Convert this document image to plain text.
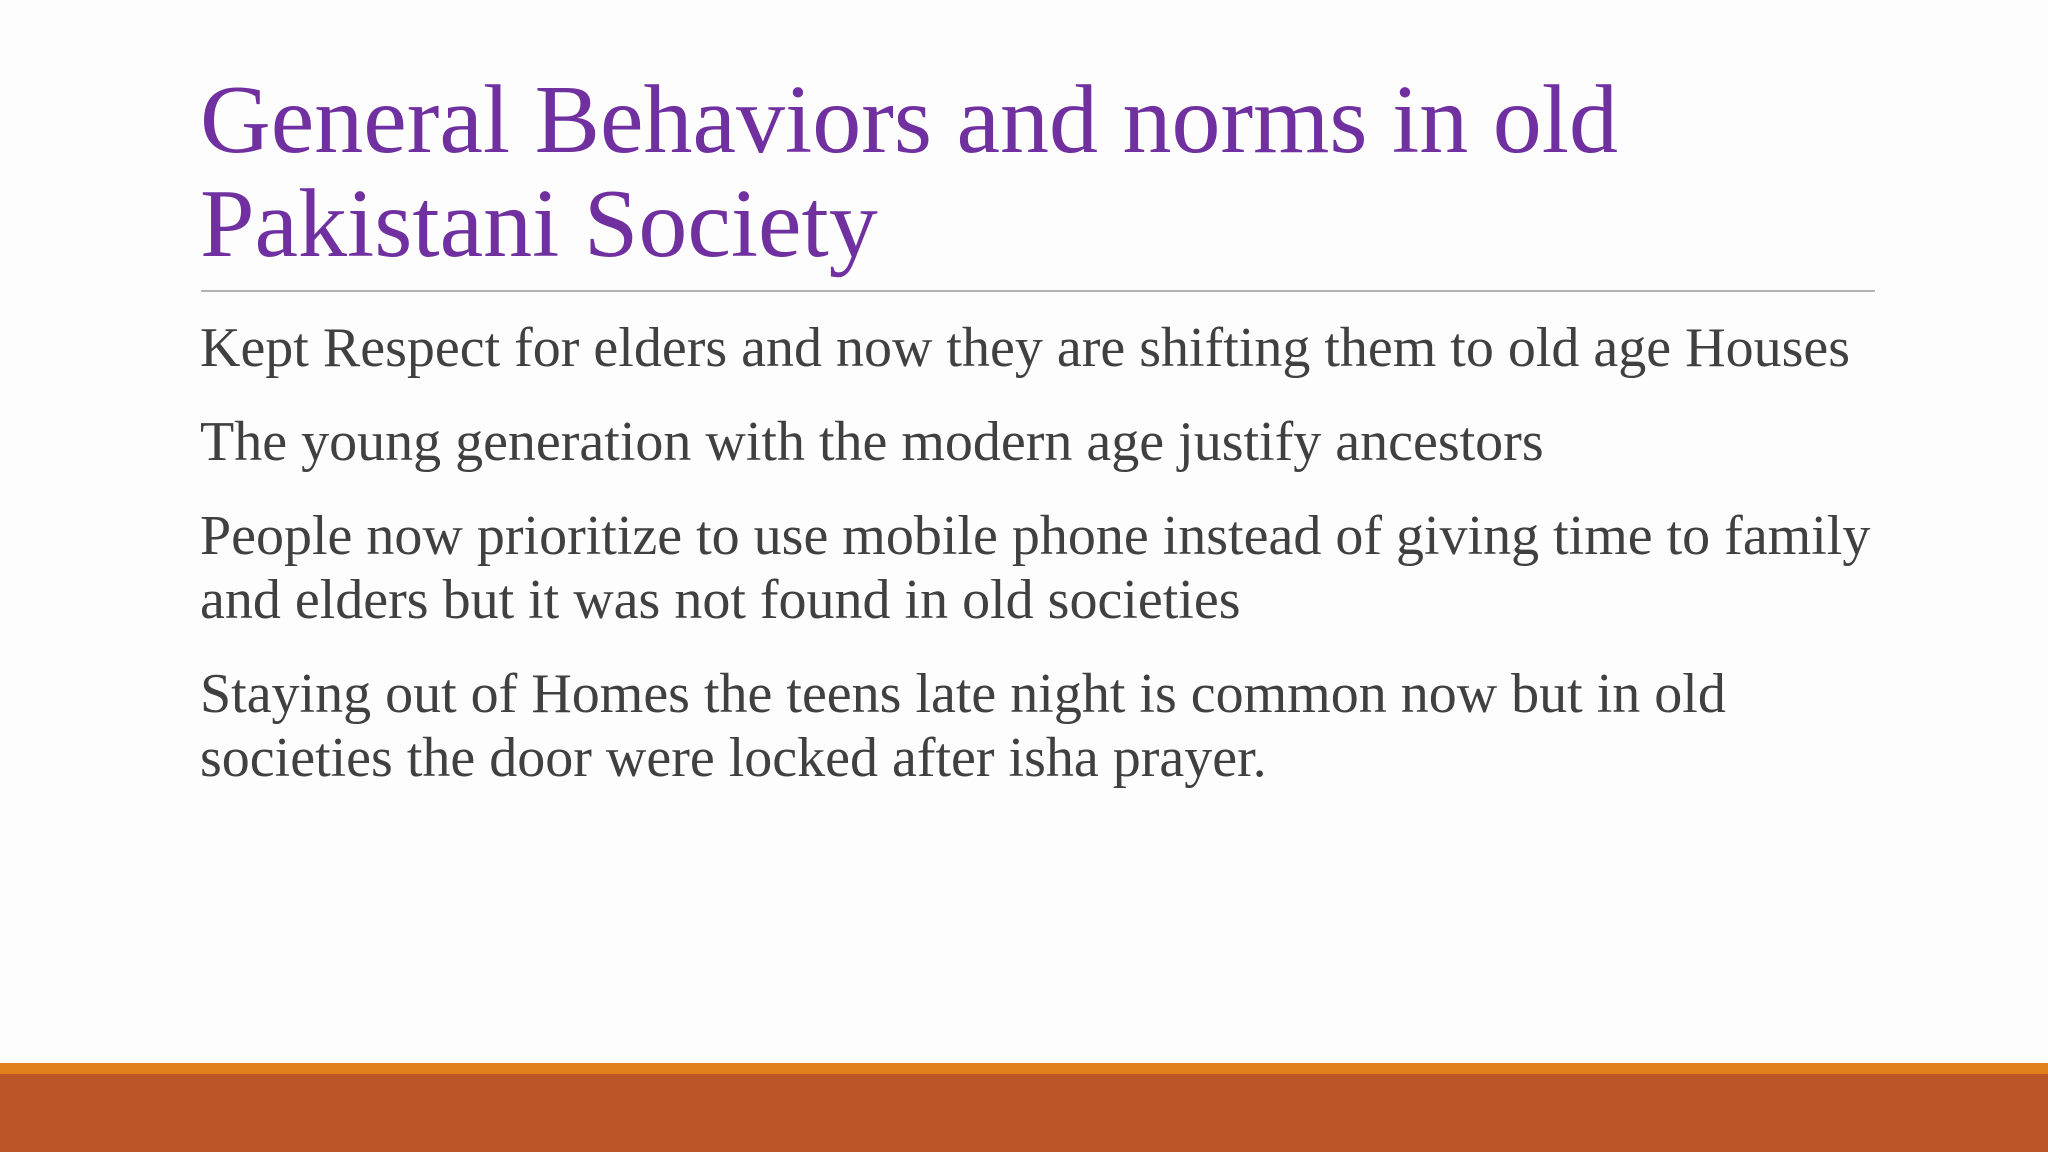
General Behaviors and norms in old Pakistani Society
Kept Respect for elders and now they are shifting them to old age Houses
The young generation with the modern age justify ancestors
People now prioritize to use mobile phone instead of giving time to family and elders but it was not found in old societies
Staying out of Homes the teens late night is common now but in old societies the door were locked after isha prayer.
